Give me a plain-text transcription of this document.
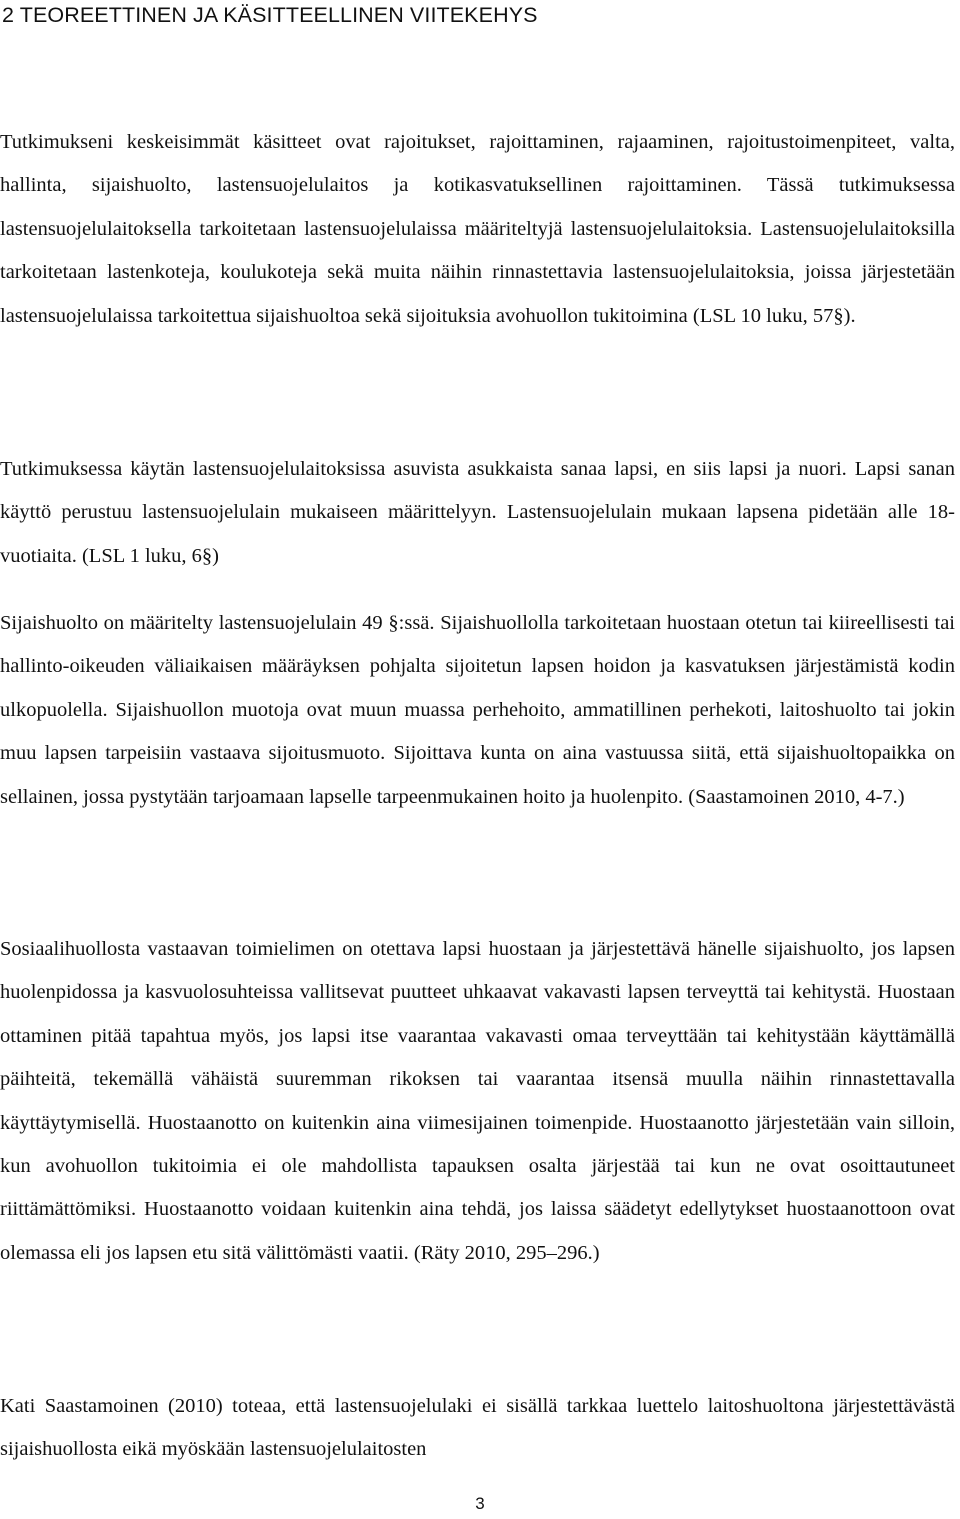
2 TEOREETTINEN JA KÄSITTEELLINEN VIITEKEHYS

Tutkimukseni keskeisimmät käsitteet ovat rajoitukset, rajoittaminen, rajaaminen, rajoitustoimenpiteet, valta, hallinta, sijaishuolto, lastensuojelulaitos ja kotikasvatuksellinen rajoittaminen. Tässä tutkimuksessa lastensuojelulaitoksella tarkoitetaan lastensuojelulaissa määriteltyjä lastensuojelulaitoksia. Lastensuojelulaitoksilla tarkoitetaan lastenkoteja, koulukoteja sekä muita näihin rinnastettavia lastensuojelulaitoksia, joissa järjestetään lastensuojelulaissa tarkoitettua sijaishuoltoa sekä sijoituksia avohuollon tukitoimina (LSL 10 luku, 57§).

Tutkimuksessa käytän lastensuojelulaitoksissa asuvista asukkaista sanaa lapsi, en siis lapsi ja nuori. Lapsi sanan käyttö perustuu lastensuojelulain mukaiseen määrittelyyn. Lastensuojelulain mukaan lapsena pidetään alle 18-vuotiaita. (LSL 1 luku, 6§)

Sijaishuolto on määritelty lastensuojelulain 49 §:ssä. Sijaishuollolla tarkoitetaan huostaan otetun tai kiireellisesti tai hallinto-oikeuden väliaikaisen määräyksen pohjalta sijoitetun lapsen hoidon ja kasvatuksen järjestämistä kodin ulkopuolella. Sijaishuollon muotoja ovat muun muassa perhehoito, ammatillinen perhekoti, laitoshuolto tai jokin muu lapsen tarpeisiin vastaava sijoitusmuoto. Sijoittava kunta on aina vastuussa siitä, että sijaishuoltopaikka on sellainen, jossa pystytään tarjoamaan lapselle tarpeenmukainen hoito ja huolenpito. (Saastamoinen 2010, 4-7.)

Sosiaalihuollosta vastaavan toimielimen on otettava lapsi huostaan ja järjestettävä hänelle sijaishuolto, jos lapsen huolenpidossa ja kasvuolosuhteissa vallitsevat puutteet uhkaavat vakavasti lapsen terveyttä tai kehitystä. Huostaan ottaminen pitää tapahtua myös, jos lapsi itse vaarantaa vakavasti omaa terveyttään tai kehitystään käyttämällä päihteitä, tekemällä vähäistä suuremman rikoksen tai vaarantaa itsensä muulla näihin rinnastettavalla käyttäytymisellä. Huostaanotto on kuitenkin aina viimesijainen toimenpide. Huostaanotto järjestetään vain silloin, kun avohuollon tukitoimia ei ole mahdollista tapauksen osalta järjestää tai kun ne ovat osoittautuneet riittämättömiksi. Huostaanotto voidaan kuitenkin aina tehdä, jos laissa säädetyt edellytykset huostaanottoon ovat olemassa eli jos lapsen etu sitä välittömästi vaatii. (Räty 2010, 295–296.)

Kati Saastamoinen (2010) toteaa, että lastensuojelulaki ei sisällä tarkkaa luettelo laitoshuoltona järjestettävästä sijaishuollosta eikä myöskään lastensuojelulaitosten

3
